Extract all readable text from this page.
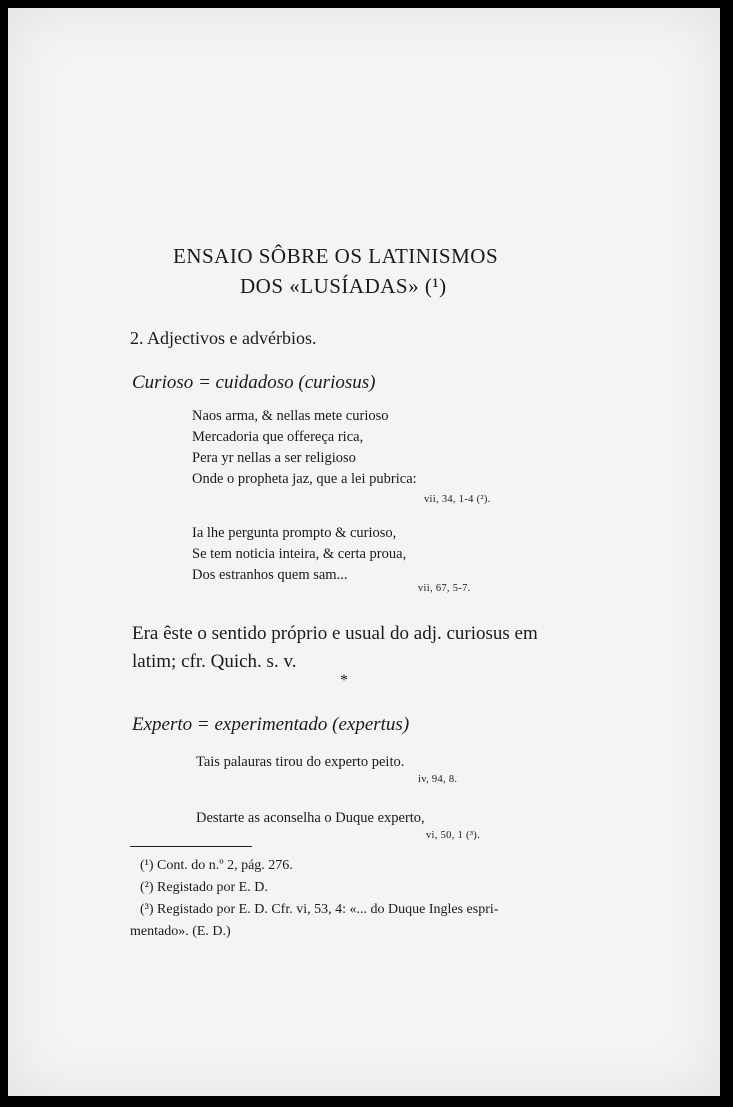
ENSAIO SÔBRE OS LATINISMOS
DOS «LUSÍADAS» (¹)
2. Adjectivos e advérbios.
Curioso = cuidadoso (curiosus)
Naos arma, & nellas mete curioso
Mercadoria que offereça rica,
Pera yr nellas a ser religioso
Onde o propheta jaz, que a lei pubrica:
vii, 34, 1-4 (²).
Ia lhe pergunta prompto & curioso,
Se tem noticia inteira, & certa proua,
Dos estranhos quem sam...
vii, 67, 5-7.
Era êste o sentido próprio e usual do adj. curiosus em
latim; cfr. Quich. s. v.
*
Experto = experimentado (expertus)
Tais palauras tirou do experto peito.
iv, 94, 8.
Destarte as aconselha o Duque experto,
vi, 50, 1 (³).
(¹) Cont. do n.º 2, pág. 276.
(²) Registado por E. D.
(³) Registado por E. D. Cfr. vi, 53, 4: «... do Duque Ingles espri-
mentado». (E. D.)
